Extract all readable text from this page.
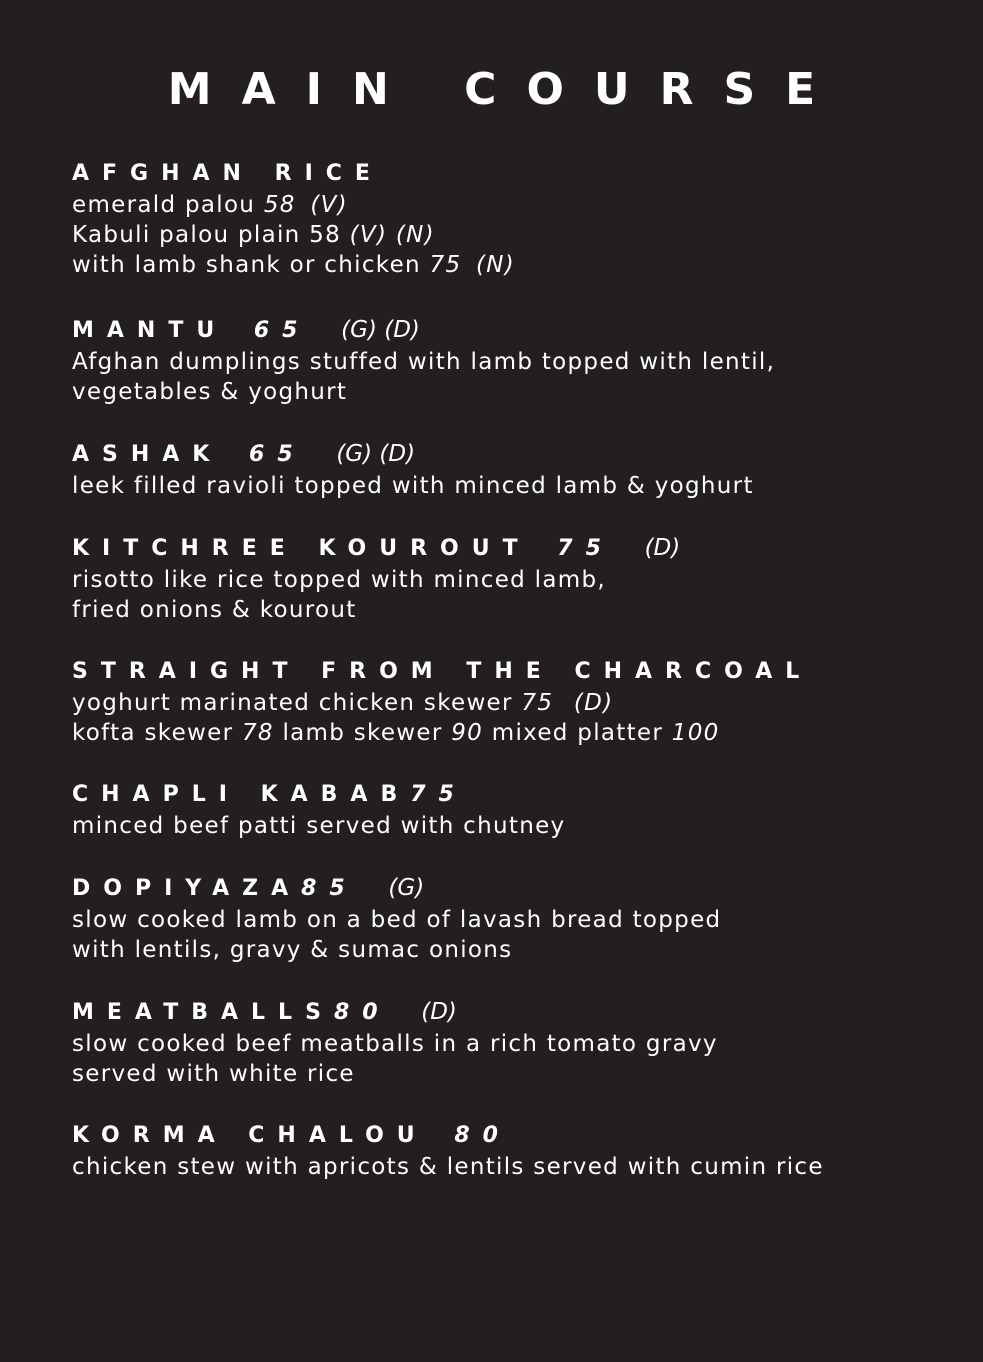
MAIN COURSE
AFGHAN RICE
emerald palou 58 (V)
Kabuli palou plain 58 (V) (N)
with lamb shank or chicken 75 (N)
MANTU 65 (G) (D)
Afghan dumplings stuffed with lamb topped with lentil,
vegetables & yoghurt
ASHAK 65 (G) (D)
leek filled ravioli topped with minced lamb & yoghurt
KITCHREE KOUROUT 75 (D)
risotto like rice topped with minced lamb,
fried onions & kourout
STRAIGHT FROM THE CHARCOAL
yoghurt marinated chicken skewer 75 (D)
kofta skewer 78 lamb skewer 90 mixed platter 100
CHAPLI KABAB75
minced beef patti served with chutney
DOPIYAZA85 (G)
slow cooked lamb on a bed of lavash bread topped
with lentils, gravy & sumac onions
MEATBALLS80 (D)
slow cooked beef meatballs in a rich tomato gravy
served with white rice
KORMA CHALOU 80
chicken stew with apricots & lentils served with cumin rice
